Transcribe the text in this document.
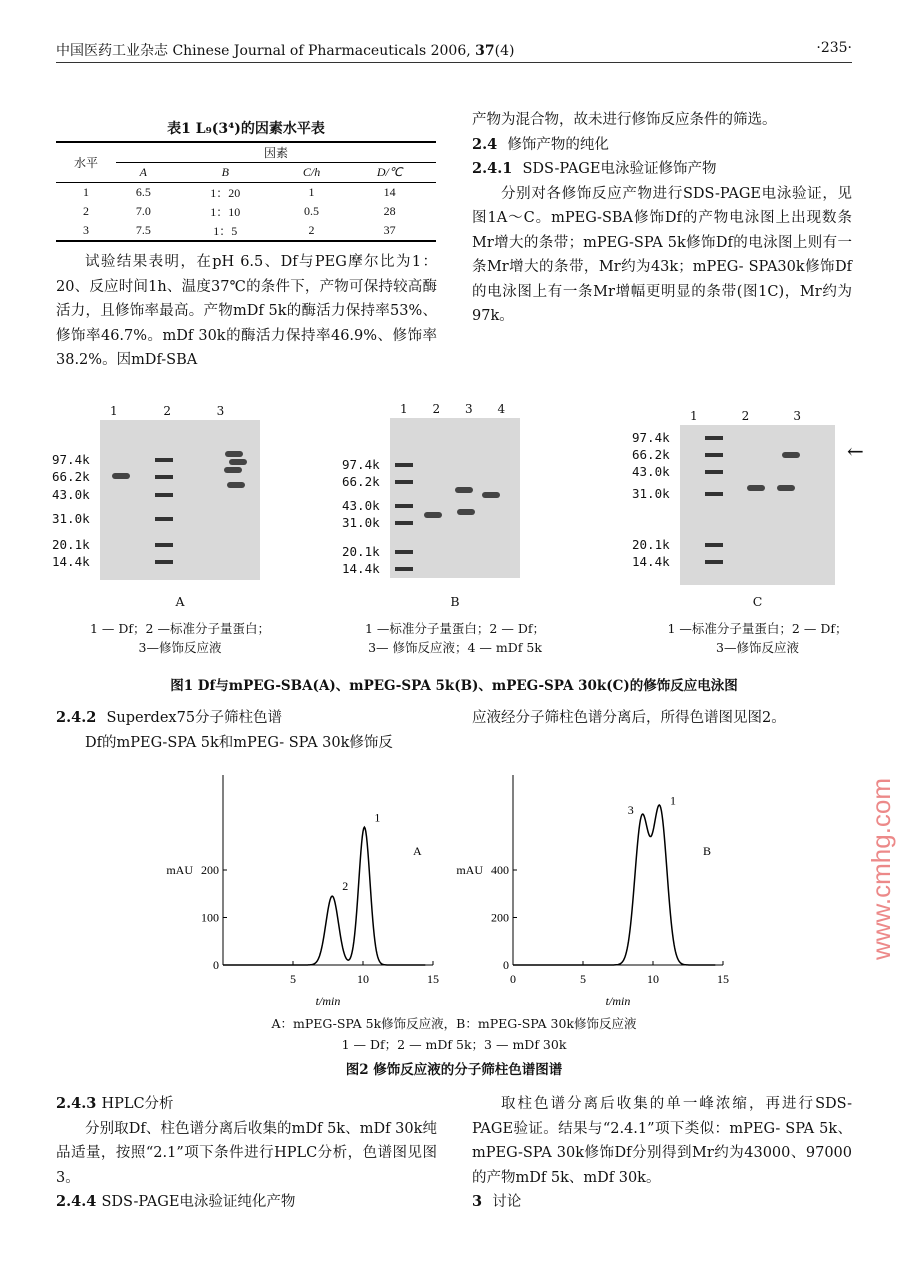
中国医药工业杂志 Chinese Journal of Pharmaceuticals 2006, 37(4)	·235·
表1 L₉(3⁴)的因素水平表
水平	因素			
	A	B	C/h	D/℃
1	6.5	1：20	1	14
2	7.0	1：10	0.5	28
3	7.5	1：5	2	37
试验结果表明，在pH 6.5、Df与PEG摩尔比为1：20、反应时间1h、温度37℃的条件下，产物可保持较高酶活力，且修饰率最高。产物mDf 5k的酶活力保持率53%、修饰率46.7%。mDf 30k的酶活力保持率46.9%、修饰率38.2%。因mDf-SBA

产物为混合物，故未进行修饰反应条件的筛选。

2.4 修饰产物的纯化

2.4.1 SDS-PAGE电泳验证修饰产物

分别对各修饰反应产物进行SDS-PAGE电泳验证，见图1A～C。mPEG-SBA修饰Df的产物电泳图上出现数条Mr增大的条带；mPEG-SPA 5k修饰Df的电泳图上则有一条Mr增大的条带，Mr约为43k；mPEG- SPA30k修饰Df的电泳图上有一条Mr增幅更明显的条带(图1C)，Mr约为97k。

97.4k
66.2k
43.0k
31.0k
20.1k
14.4k
1	2	3
A
1 — Df；2 —标准分子量蛋白；
3—修饰反应液
97.4k
66.2k
43.0k
31.0k
20.1k
14.4k
1 2 3 4
B
1 —标准分子量蛋白；2 — Df；
3— 修饰反应液；4 — mDf 5k
97.4k
66.2k
43.0k
31.0k
20.1k
14.4k
1	2	3
C
1 —标准分子量蛋白；2 — Df；
3—修饰反应液
←
图1 Df与mPEG-SBA(A)、mPEG-SPA 5k(B)、mPEG-SPA 30k(C)的修饰反应电泳图

2.4.2 Superdex75分子筛柱色谱

Df的mPEG-SPA 5k和mPEG- SPA 30k修饰反

应液经分子筛柱色谱分离后，所得色谱图见图2。
5	10	15
0
100
200
mAU
t/min
A
2
1
0	5	10	15
0
200
400
mAU
t/min
B
3
1
A：mPEG-SPA 5k修饰反应液，B：mPEG-SPA 30k修饰反应液
1 — Df；2 — mDf 5k；3 — mDf 30k
图2 修饰反应液的分子筛柱色谱图谱

2.4.3 HPLC分析

分别取Df、柱色谱分离后收集的mDf 5k、mDf 30k纯品适量，按照“2.1”项下条件进行HPLC分析，色谱图见图3。

2.4.4 SDS-PAGE电泳验证纯化产物

取柱色谱分离后收集的单一峰浓缩，再进行SDS-PAGE验证。结果与“2.4.1”项下类似：mPEG- SPA 5k、mPEG-SPA 30k修饰Df分别得到Mr约为43000、97000的产物mDf 5k、mDf 30k。

3 讨论

www.cmhg.com
